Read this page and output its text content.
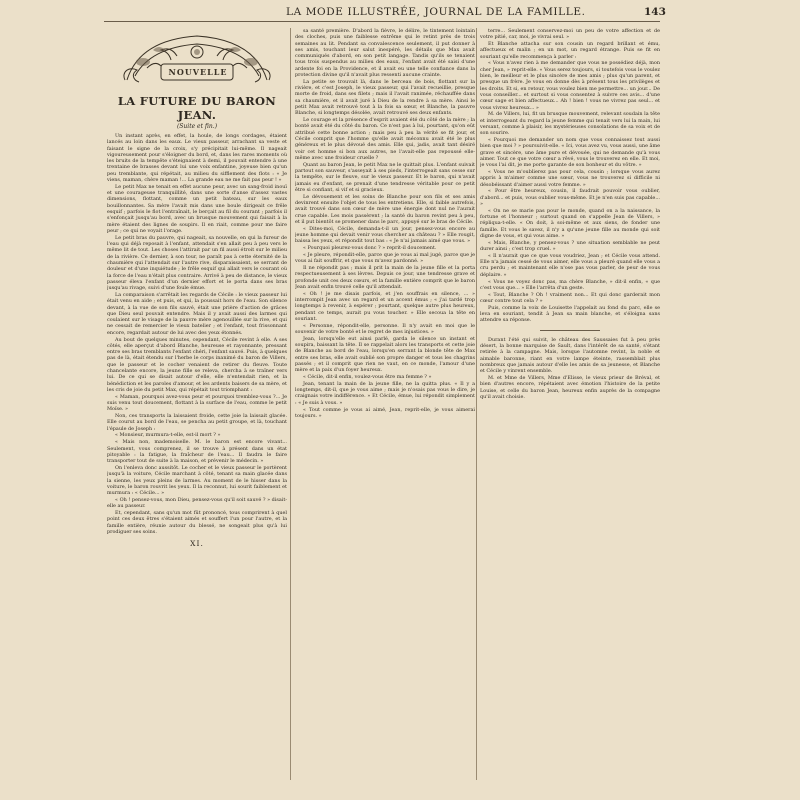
LA MODE ILLUSTRÉE, JOURNAL DE LA FAMILLE.	143
NOUVELLE
LA FUTURE DU BARON JEAN.
(Suite et fin.)

Un instant après, en effet, la houle, de longs cordages, étaient lancés au loin dans les eaux. Le vieux passeur, arrachant sa veste et faisant le signe de la croix, s'y précipitait lui-même. Il nageait vigoureusement pour s'éloigner du bord, et, dans les rares moments où les bruits de la tempête s'éteignaient à demi, il pouvait entendre à une trentaine de brasses devant lui une voix enfantine, joyeuse bien qu'un peu tremblante, qui répétait, au milieu du sifflement des flots : « Je viens, maman, chère maman !... La grande eau ne me fait pas peur ! »

Le petit Max ne tenait en effet aucune peur, avec un sang-froid inouï et une courageuse tranquillité, dans une sorte d'anse d'assez vastes dimensions, flottant, comme un petit bateau, sur les eaux bouillonnantes. Sa mère l'avait mis dans une boule dirigeait ce frêle esquif ; parfois le flot l'entraînait, le berçait au fil du courant ; parfois il s'enfonçait jusqu'au bord, avec un brusque mouvement qui faisait à la mère étaient des lignes de soupirs. Il en riait, comme pour me faire peur ; ce qui ne voyait l'orage.

Le petit bras du pauvre, qui nageait, sa nouvelle, en qui la fureur de l'eau qui déjà reposait à l'enfant, attendait s'en allait peu à peu vers le même lit de tout. Les choses l'attirait par un fil aussi étroit sur le milieu de la rivière. Ce dernier, à son tour, ne paraît pas à cette éternité de la chaumière qui l'attendait sur l'autre rive, disparaissaient, se serrant de douleur et d'une inquiétude ; le frêle esquif qui allait vers le courant où la force de l'eau n'était plus contraire. Arrivé à peu de distance, le vieux passeur éleva l'enfant d'un dernier effort et le porta dans ses bras jusqu'au rivage, suivi d'une foule émue.

La comparaison s'arrêtait les regards de Cécile : le vieux passeur lui était venu en aide ; et puis, et qui, la poussait hors de l'eau. Son silence devant, à la vue de son fils sauvé, était une prière d'action de grâces que Dieu seul pouvait entendre. Mais il y avait aussi des larmes qui coulaient sur le visage de la pauvre mère agenouillée sur la rive, et qui ne cessait de remercier le vieux batelier ; et l'enfant, tout frissonnant encore, regardait autour de lui avec des yeux étonnés.

Au bout de quelques minutes, cependant, Cécile revint à elle. A ses côtés, elle aperçut d'abord Blanche, heureuse et rayonnante, pressant entre ses bras tremblants l'enfant chéri, l'enfant sauvé. Puis, à quelques pas de là, était étendu sur l'herbe le corps inanimé du baron de Villers, que le passeur et le cocher venaient de retirer du fleuve. Toute chancelante encore, la jeune fille se releva, chercha à se traîner vers lui. De ce qui se disait autour d'elle, elle n'entendait rien, et la bénédiction et les paroles d'amour, et les ardents baisers de sa mère, et les cris de joie du petit Max, qui répétait tout triomphant :

« Maman, pourquoi avez-vous peur et pourquoi tremblez-vous ?... Je suis venu tout doucement, flottant à la surface de l'eau, comme le petit Moïse. »

Non, ces transports la laissaient froide, cette joie la laissait glacée. Elle courut au bord de l'eau, se pencha au petit groupe, et là, touchant l'épaule de Joseph :

« Monsieur, murmura-t-elle, est-il mort ? »

« Mais non, mademoiselle. M. le baron est encore vivant... Seulement, vous comprenez, il se trouve à présent dans un état pitoyable : la fatigue, la fraîcheur de l'eau... Il faudra le faire transporter tout de suite à la maison, et prévenir le médecin. »

On l'enleva donc aussitôt. Le cocher et le vieux passeur le portèrent jusqu'à la voiture, Cécile marchant à côté, tenant sa main glacée dans la sienne, les yeux pleins de larmes. Au moment de le hisser dans la voiture, le baron rouvrit les yeux. Il la reconnut, lui sourit faiblement et murmura : « Cécile... »

« Oh ! pensez-vous, mon Dieu, pensez-vous qu'il soit sauvé ? » disait-elle au passeur.

Et, cependant, sans qu'un mot fût prononcé, tous comprirent à quel point ces deux êtres s'étaient aimés et souffert l'un pour l'autre, et la famille entière, réunie autour du blessé, ne songeait plus qu'à lui prodiguer ses soins.

XI.

sa santé première. D'abord la fièvre, le délire, le tintement lointain des cloches, puis une faiblesse extrême qui le retint près de trois semaines au lit. Pendant sa convalescence seulement, il put donner à ses amis, touchant leur salut inespéré, les détails que Max avait communiqués d'abord, en son petit langage. Tandis qu'ils se tenaient tous trois suspendus au milieu des eaux, l'enfant avait été saisi d'une ardente foi en la Providence, et il avait eu une telle confiance dans la protection divine qu'il n'avait plus ressenti aucune crainte.

La petite se trouvait là, dans le berceau de bois, flottant sur la rivière, et c'est Joseph, le vieux passeur, qui l'avait recueillie, presque morte de froid, dans ses filets ; mais il l'avait ranimée, réchauffée dans sa chaumière, et il avait juré à Dieu de la rendre à sa mère. Ainsi le petit Max avait retrouvé tout à la fois sa sœur, et Blanche, la pauvre Blanche, si longtemps désolée, avait retrouvé ses deux enfants.

Le courage et la présence d'esprit avaient été du côté de la mère ; la bonté avait été du côté du baron. Ce n'est pas à lui, pourtant, qu'on eût attribué cette bonne action ; mais peu à peu la vérité se fit jour, et Cécile comprit que l'homme qu'elle avait méconnu avait été le plus généreux et le plus dévoué des amis. Elle qui, jadis, avait tant désiré voir cet homme si bon aux autres, ne l'avait-elle pas repoussé elle-même avec une froideur cruelle ?

Quant au baron Jean, le petit Max ne le quittait plus. L'enfant suivait partout son sauveur, s'asseyait à ses pieds, l'interrogeait sans cesse sur la tempête, sur le fleuve, sur le vieux passeur. Et le baron, qui n'avait jamais eu d'enfant, se prenait d'une tendresse véritable pour ce petit être si confiant, si vif et si gracieux.

Le dévouement et les soins de Blanche pour son fils et ses amis devinrent ensuite l'objet de tous les entretiens. Elle, si faible autrefois, avait trouvé dans son cœur de mère une énergie dont nul ne l'aurait crue capable. Les mois passèrent ; la santé du baron revint peu à peu, et il put bientôt se promener dans le parc, appuyé sur le bras de Cécile.

« Dites-moi, Cécile, demanda-t-il un jour, pensez-vous encore au jeune homme qui devait venir vous chercher au château ? » Elle rougit, baissa les yeux, et répondit tout bas : « Je n'ai jamais aimé que vous. »

« Pourquoi pleurez-vous donc ? » reprit-il doucement.

« Je pleure, répondit-elle, parce que je vous ai mal jugé, parce que je vous ai fait souffrir, et que vous m'avez pardonné. »

Il ne répondit pas ; mais il prit la main de la jeune fille et la porta respectueusement à ses lèvres. Depuis ce jour, une tendresse grave et profonde unit ces deux cœurs, et la famille entière comprit que le baron Jean avait enfin trouvé celle qu'il attendait.

« Oh ! je me disais parfois, et j'en souffrais en silence, ... » interrompit Jean avec un regard et un accent émus ; « j'ai tardé trop longtemps à revenir, à espérer ; pourtant, quelque autre plus heureux, pendant ce temps, aurait pu vous toucher. » Elle secoua la tête en souriant.

« Personne, répondit-elle, personne. Il n'y avait en moi que le souvenir de votre bonté et le regret de mes injustices. »

Jean, lorsqu'elle eut ainsi parlé, garda le silence un instant et soupira, baissant la tête. Il se rappelait alors les transports et cette joie de Blanche au bord de l'eau, lorsqu'en serrant la blonde tête de Max entre ses bras, elle avait oublié son propre danger et tous les chagrins passés ; et il comprit que rien ne vaut, en ce monde, l'amour d'une mère et la paix d'un foyer heureux.

« Cécile, dit-il enfin, voulez-vous être ma femme ? »

Jean, tenant la main de la jeune fille, ne la quitta plus. « Il y a longtemps, dit-il, que je vous aime ; mais je n'osais pas vous le dire, je craignais votre indifférence. » Et Cécile, émue, lui répondit simplement : « Je suis à vous. »

« Tout comme je vous ai aimé, Jean, reprit-elle, je vous aimerai toujours. »

terre... Seulement conservez-moi un peu de votre affection et de votre pitié, car, moi, je vivrai seul. »

Et Blanche attacha sur son cousin un regard brillant et ému, affectueux et malin ; en un mot, un regard étrange. Puis se fit en souriant qu'elle recommença à parler :

« Vous n'avez rien à me demander que vous ne possédiez déjà, mon cher Jean, » reprit-elle. « Vous serez toujours, si toutefois vous le voulez bien, le meilleur et le plus sincère de mes amis ; plus qu'un parent, et presque un frère. Je vous en donne dès à présent tous les privilèges et les droits. Et si, en retour, vous voulez bien me permettre... un jour... De vous conseiller... et surtout si vous consentez à suivre ces avis... d'une cœur sage et bien affectueux... Ah ! bien ! vous ne vivrez pas seul... et vous vivrez heureux... »

M. de Villers, lui, fit un brusque mouvement, relevant soudain la tête et interrogeant du regard la jeune femme qui tenait vers lui la main, lui versant, comme à plaisir, les mystérieuses consolations de sa voix et de son sourire.

« Pourquoi me demander un nom que vous connaissez tout aussi bien que moi ? » poursuivit-elle. « Ici, vous avez vu, vous aussi, une âme grave et sincère, une âme pure et dévouée, qui ne demande qu'à vous aimer. Tout ce que votre cœur a rêvé, vous le trouverez en elle. Et moi, je vous l'ai dit, je me porte garante de son bonheur et du vôtre. »

« Vous ne m'oublierez pas pour cela, cousin ; lorsque vous aurez appris à m'aimer comme une sœur, vous ne trouverez si difficile ni désobéissant d'aimer aussi votre femme. »

« Pour être heureux, cousin, il faudrait pouvoir vous oublier, d'abord... et puis, vous oublier vous-même. Et je n'en suis pas capable... »

« On ne se marie pas pour le monde, quand on a la naissance, la fortune et l'honneur ; surtout quand on s'appelle Jean de Villers, » répliqua-t-elle. « On doit, à soi-même et aux siens, de fonder une famille. Et vous le savez, il n'y a qu'une jeune fille au monde qui soit digne de vous, et qui vous aime. »

« Mais, Blanche, y pensez-vous ? une situation semblable ne peut durer ainsi ; c'est trop cruel. »

« Il n'aurait que ce que vous voudriez, Jean ; et Cécile vous attend. Elle n'a jamais cessé de vous aimer, elle vous a pleuré quand elle vous a cru perdu ; et maintenant elle n'ose pas vous parler, de peur de vous déplaire. »

« Vous ne voyez donc pas, ma chère Blanche, » dit-il enfin, « que c'est vous que... » Elle l'arrêta d'un geste.

« Tout, Blanche ? Oh ! vraiment non... Et qui donc garderait mon cœur contre tout cela ? »

Puis, comme la voix de Louisette l'appelait au fond du parc, elle se leva en souriant, tendit à Jean sa main blanche, et s'éloigna sans attendre sa réponse.

Durant l'été qui suivit, le château des Saussaies fut à peu près désert, la bonne marquise de Sault, dans l'intérêt de sa santé, s'étant retirée à la campagne. Mais, lorsque l'automne revint, la noble et aimable baronne, riant en votre lampe éteinte, rassemblait plus nombreux que jamais autour d'elle les amis de sa jeunesse, et Blanche et Cécile y vinrent ensemble.

M. et Mme de Villers, Mme d'Elisse, le vieux prieur de Bréval, et bien d'autres encore, répétaient avec émotion l'histoire de la petite Louise, et celle du baron Jean, heureux enfin auprès de la compagne qu'il avait choisie.
